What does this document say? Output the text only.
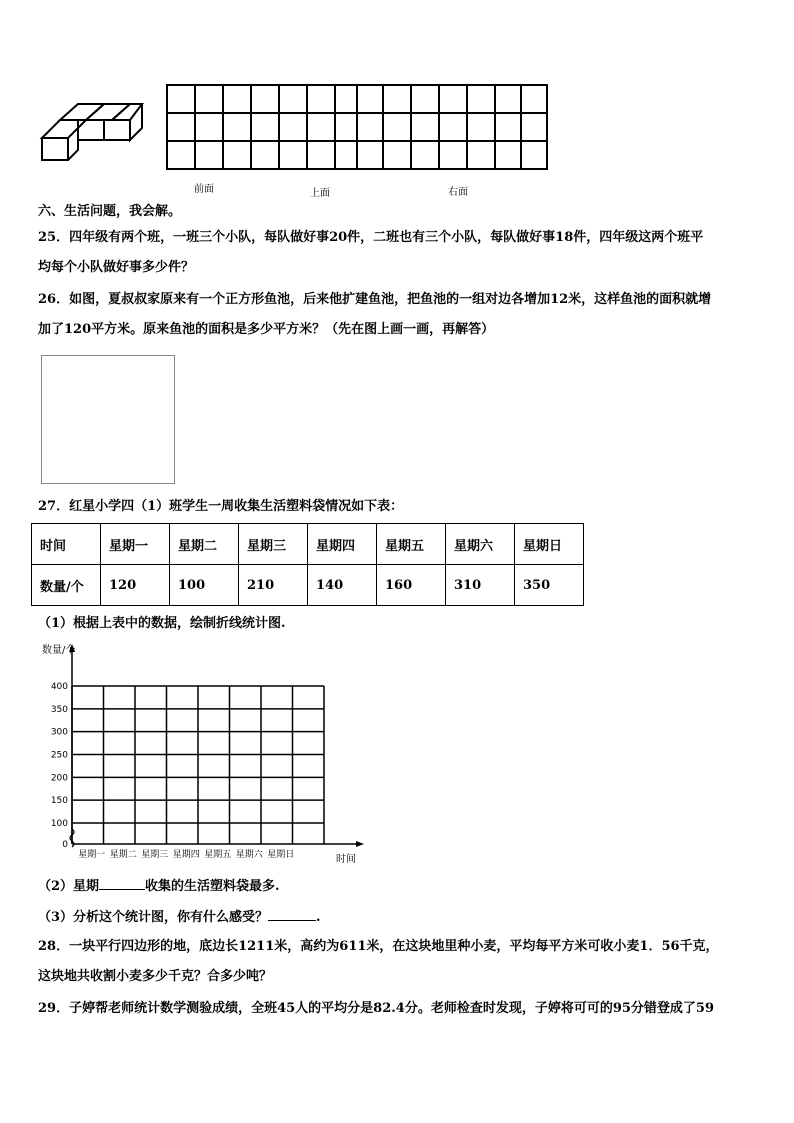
前面	上面	右面
六、生活问题，我会解。
25．四年级有两个班，一班三个小队，每队做好事20件，二班也有三个小队，每队做好事18件，四年级这两个班平
均每个小队做好事多少件？
26．如图，夏叔叔家原来有一个正方形鱼池，后来他扩建鱼池，把鱼池的一组对边各增加12米，这样鱼池的面积就增
加了120平方米。原来鱼池的面积是多少平方米？（先在图上画一画，再解答）
27．红星小学四（1）班学生一周收集生活塑料袋情况如下表：
时间	星期一	星期二	星期三	星期四	星期五	星期六	星期日
数量/个	120	100	210	140	160	310	350
（1）根据上表中的数据，绘制折线统计图.
0
100
150
200
250
300
350
400
星期一 星期二 星期三 星期四 星期五 星期六 星期日
数量/个
时间
（2）星期	收集的生活塑料袋最多.
（3）分析这个统计图，你有什么感受？	.
28．一块平行四边形的地，底边长1211米，高约为611米，在这块地里种小麦，平均每平方米可收小麦1．56千克，
这块地共收割小麦多少千克？合多少吨？
29．子婷帮老师统计数学测验成绩，全班45人的平均分是82.4分。老师检查时发现，子婷将可可的95分错登成了59
